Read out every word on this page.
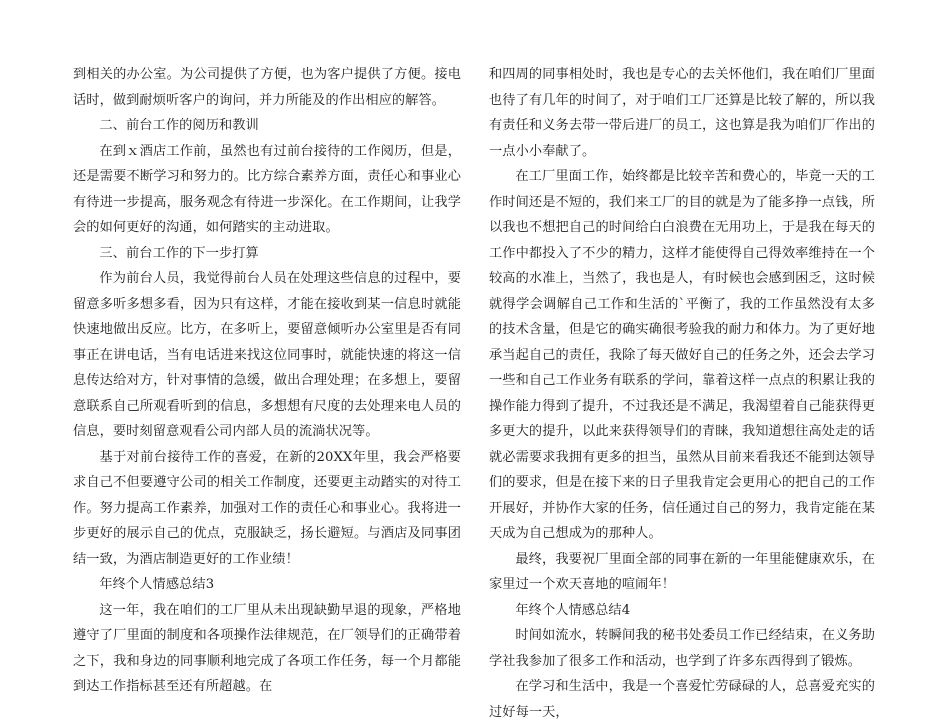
到相关的办公室。为公司提供了方便，也为客户提供了方便。接电话时，做到耐烦听客户的询问，并力所能及的作出相应的解答。

二、前台工作的阅历和教训

在到ｘ酒店工作前，虽然也有过前台接待的工作阅历，但是，还是需要不断学习和努力的。比方综合素养方面，责任心和事业心有待进一步提高，服务观念有待进一步深化。在工作期间，让我学会的如何更好的沟通，如何踏实的主动进取。

三、前台工作的下一步打算

作为前台人员，我觉得前台人员在处理这些信息的过程中，要留意多听多想多看，因为只有这样，才能在接收到某一信息时就能快速地做出反应。比方，在多听上，要留意倾听办公室里是否有同事正在讲电话，当有电话进来找这位同事时，就能快速的将这一信息传达给对方，针对事情的急缓，做出合理处理；在多想上，要留意联系自己所观看听到的信息，多想想有尺度的去处理来电人员的信息，要时刻留意观看公司内部人员的流淌状况等。

基于对前台接待工作的喜爱，在新的20XX年里，我会严格要求自己不但要遵守公司的相关工作制度，还要更主动踏实的对待工作。努力提高工作素养，加强对工作的责任心和事业心。我将进一步更好的展示自己的优点，克服缺乏，扬长避短。与酒店及同事团结一致，为酒店制造更好的工作业绩！

年终个人情感总结3

这一年，我在咱们的工厂里从未出现缺勤早退的现象，严格地遵守了厂里面的制度和各项操作法律规范，在厂领导们的正确带着之下，我和身边的同事顺利地完成了各项工作任务，每一个月都能到达工作指标甚至还有所超越。在

和四周的同事相处时，我也是专心的去关怀他们，我在咱们厂里面也待了有几年的时间了，对于咱们工厂还算是比较了解的，所以我有责任和义务去带一带后进厂的员工，这也算是我为咱们厂作出的一点小小奉献了。

在工厂里面工作，始终都是比较辛苦和费心的，毕竟一天的工作时间还是不短的，我们来工厂的目的就是为了能多挣一点钱，所以我也不想把自己的时间给白白浪费在无用功上，于是我在每天的工作中都投入了不少的精力，这样才能使得自己得效率维持在一个较高的水准上，当然了，我也是人，有时候也会感到困乏，这时候就得学会调解自己工作和生活的`平衡了，我的工作虽然没有太多的技术含量，但是它的确实确很考验我的耐力和体力。为了更好地承当起自己的责任，我除了每天做好自己的任务之外，还会去学习一些和自己工作业务有联系的学问，靠着这样一点点的积累让我的操作能力得到了提升，不过我还是不满足，我渴望着自己能获得更多更大的提升，以此来获得领导们的青睐，我知道想往高处走的话就必需要求我拥有更多的担当，虽然从目前来看我还不能到达领导们的要求，但是在接下来的日子里我肯定会更用心的把自己的工作开展好，并协作大家的任务，信任通过自己的努力，我肯定能在某天成为自己想成为的那种人。

最终，我要祝厂里面全部的同事在新的一年里能健康欢乐，在家里过一个欢天喜地的喧闹年！

年终个人情感总结4

时间如流水，转瞬间我的秘书处委员工作已经结束，在义务助学社我参加了很多工作和活动，也学到了许多东西得到了锻炼。

在学习和生活中，我是一个喜爱忙劳碌碌的人，总喜爱充实的过好每一天，
